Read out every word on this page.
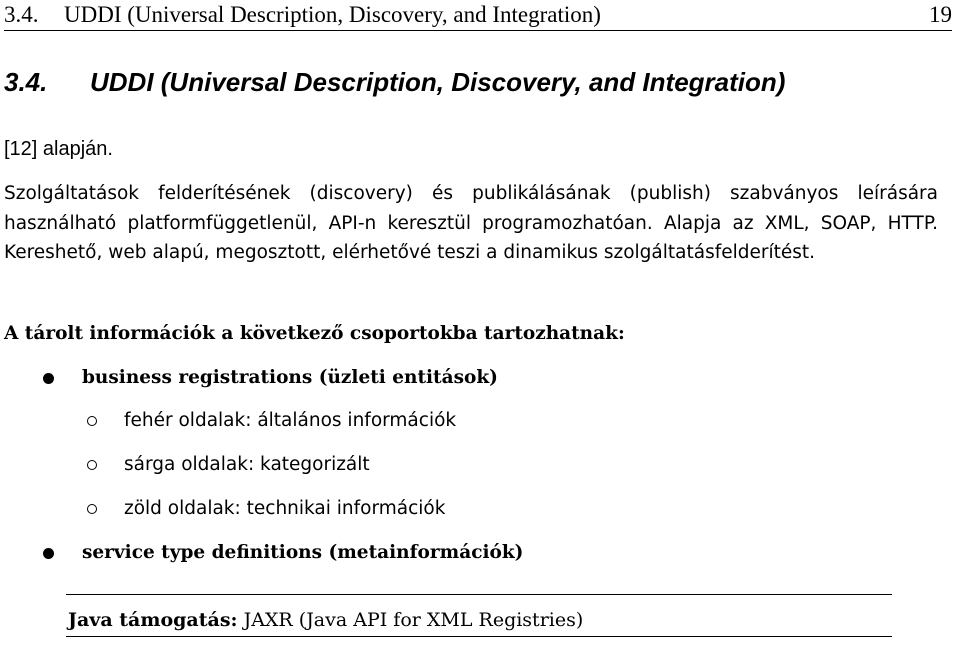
3.4. UDDI (Universal Description, Discovery, and Integration)	19
3.4. UDDI (Universal Description, Discovery, and Integration)
[12] alapján.
Szolgáltatások felderítésének (discovery) és publikálásának (publish) szabványos leírására használható platformfüggetlenül, API-n keresztül programozhatóan. Alapja az XML, SOAP, HTTP. Kereshető, web alapú, megosztott, elérhetővé teszi a dinamikus szolgáltatásfelderítést.
A tárolt információk a következő csoportokba tartozhatnak:
business registrations (üzleti entitások)
fehér oldalak: általános információk
sárga oldalak: kategorizált
zöld oldalak: technikai információk
service type definitions (metainformációk)
Java támogatás: JAXR (Java API for XML Registries)
